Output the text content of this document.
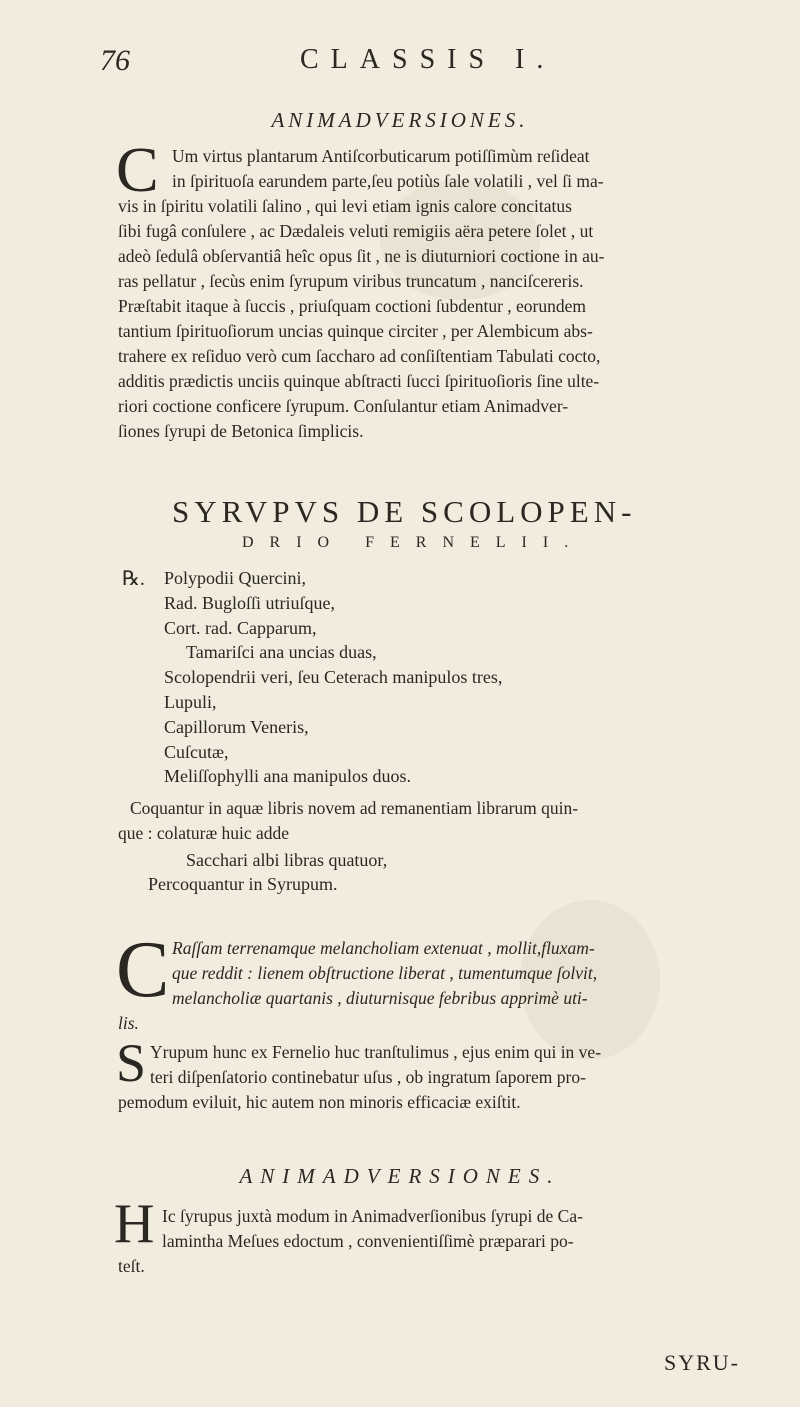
76	CLASSIS I.
ANIMADVERSIONES.
C Um virtus plantarum Antiſcorbuticarum potiſſimùm reſideat
in ſpirituoſa earundem parte,ſeu potiùs ſale volatili , vel ſi ma-
vis in ſpiritu volatili ſalino , qui levi etiam ignis calore concitatus
ſibi fugâ conſulere , ac Dædaleis veluti remigiis aëra petere ſolet , ut
adeò ſedulâ obſervantiâ heîc opus ſit , ne is diuturniori coctione in au-
ras pellatur , ſecùs enim ſyrupum viribus truncatum , nanciſcereris.
Præſtabit itaque à ſuccis , priuſquam coctioni ſubdentur , eorundem
tantium ſpirituoſiorum uncias quinque circiter , per Alembicum abs-
trahere ex reſiduo verò cum ſaccharo ad conſiſtentiam Tabulati cocto,
additis prædictis unciis quinque abſtracti ſucci ſpirituoſioris ſine ulte-
riori coctione conficere ſyrupum. Conſulantur etiam Animadver-
ſiones ſyrupi de Betonica ſimplicis.
SYRVPVS DE SCOLOPEN-
DRIO FERNELII.
℞. Polypodii Quercini,
Rad. Bugloſſi utriuſque,
Cort. rad. Capparum,
Tamariſci ana uncias duas,
Scolopendrii veri, ſeu Ceterach manipulos tres,
Lupuli,
Capillorum Veneris,
Cuſcutæ,
Meliſſophylli ana manipulos duos.
Coquantur in aquæ libris novem ad remanentiam librarum quin-
que : colaturæ huic adde
Sacchari albi libras quatuor,
Percoquantur in Syrupum.
C Raſſam terrenamque melancholiam extenuat , mollit,fluxam-
que reddit : lienem obſtructione liberat , tumentumque ſolvit,
melancholiæ quartanis , diuturnisque febribus apprimè uti-
lis.
S Yrupum hunc ex Fernelio huc tranſtulimus , ejus enim qui in ve-
teri diſpenſatorio continebatur uſus , ob ingratum ſaporem pro-
pemodum eviluit, hic autem non minoris efficaciæ exiſtit.
ANIMADVERSIONES.
H Ic ſyrupus juxtà modum in Animadverſionibus ſyrupi de Ca-
lamintha Meſues edoctum , convenientiſſimè præparari po-
teſt.
SYRU-
